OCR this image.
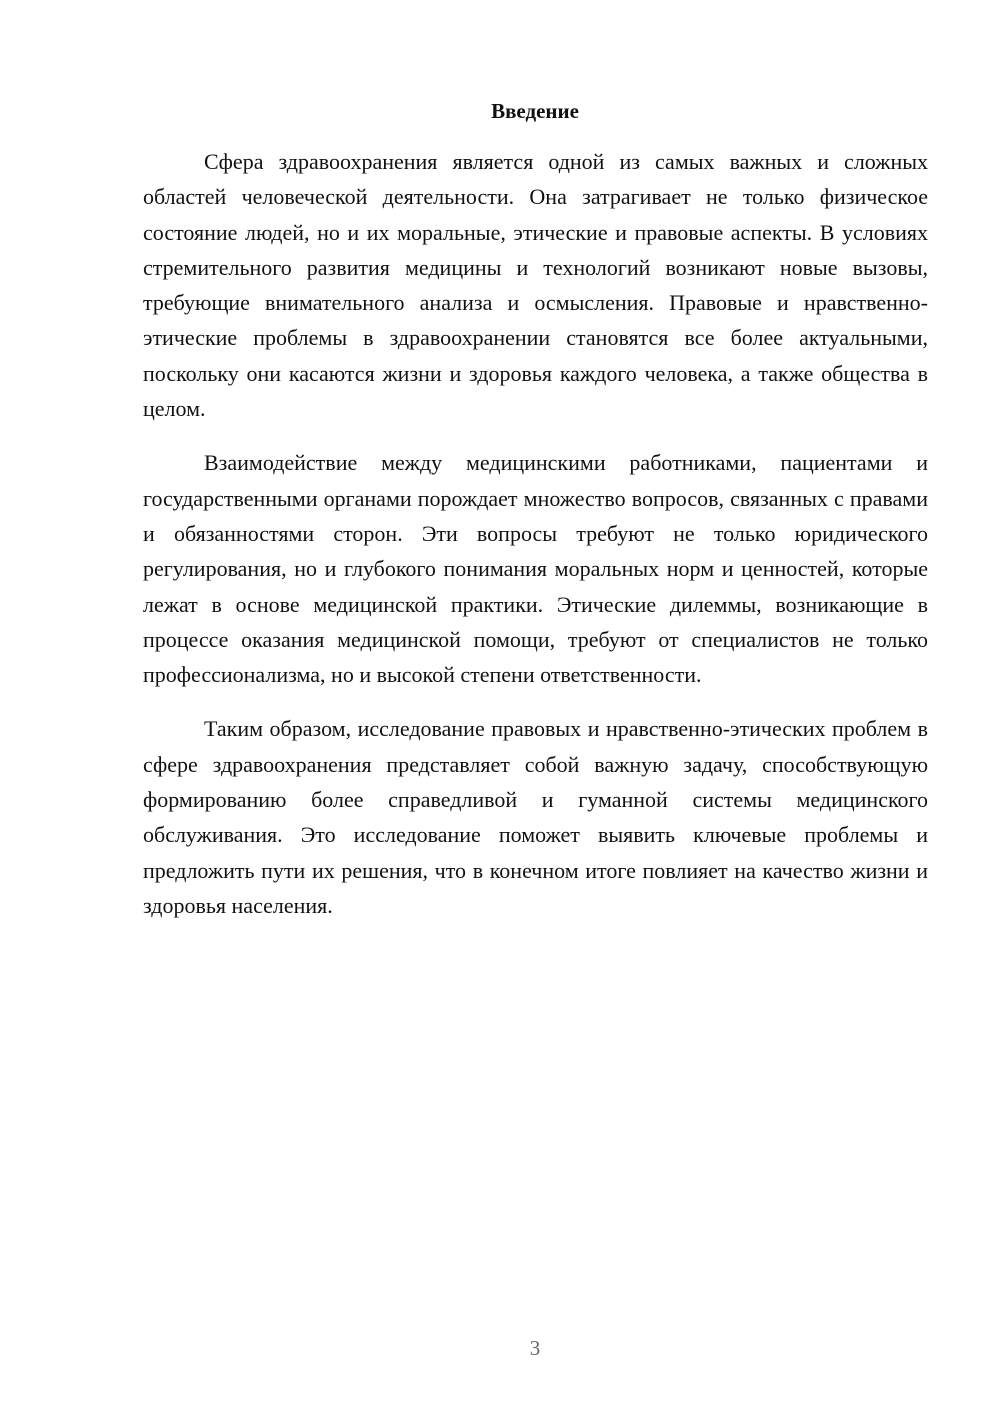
Введение

Сфера здравоохранения является одной из самых важных и сложных областей человеческой деятельности. Она затрагивает не только физическое состояние людей, но и их моральные, этические и правовые аспекты. В условиях стремительного развития медицины и технологий возникают новые вызовы, требующие внимательного анализа и осмысления. Правовые и нравственно-этические проблемы в здравоохранении становятся все более актуальными, поскольку они касаются жизни и здоровья каждого человека, а также общества в целом.

Взаимодействие между медицинскими работниками, пациентами и государственными органами порождает множество вопросов, связанных с правами и обязанностями сторон. Эти вопросы требуют не только юридического регулирования, но и глубокого понимания моральных норм и ценностей, которые лежат в основе медицинской практики. Этические дилеммы, возникающие в процессе оказания медицинской помощи, требуют от специалистов не только профессионализма, но и высокой степени ответственности.

Таким образом, исследование правовых и нравственно-этических проблем в сфере здравоохранения представляет собой важную задачу, способствующую формированию более справедливой и гуманной системы медицинского обслуживания. Это исследование поможет выявить ключевые проблемы и предложить пути их решения, что в конечном итоге повлияет на качество жизни и здоровья населения.

3
